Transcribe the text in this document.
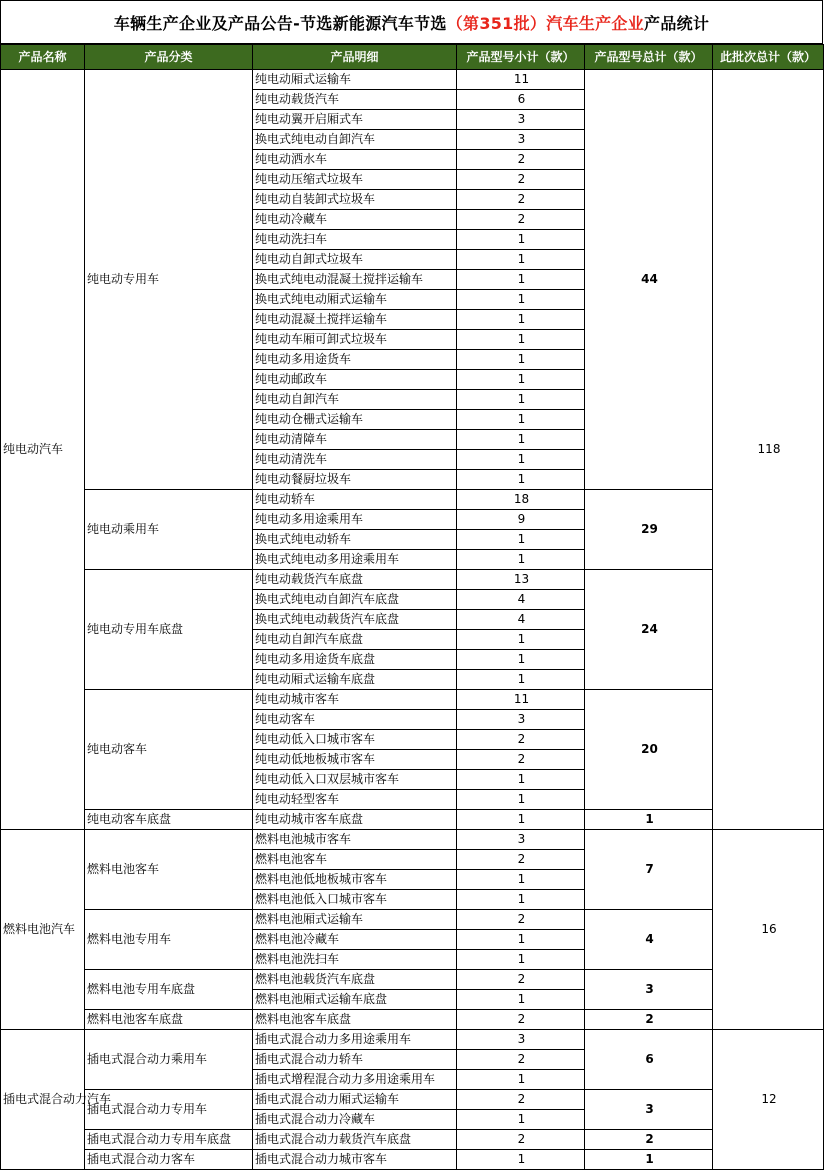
车辆生产企业及产品公告-节选新能源汽车节选 （第351批）汽车生产企业 产品统计
产品名称	产品分类	产品明细	产品型号小计（款）	产品型号总计（款）	此批次总计（款）
纯电动汽车	纯电动专用车	纯电动厢式运输车	11	44	118
		纯电动载货汽车	6		
		纯电动翼开启厢式车	3		
		换电式纯电动自卸汽车	3		
		纯电动洒水车	2		
		纯电动压缩式垃圾车	2		
		纯电动自装卸式垃圾车	2		
		纯电动冷藏车	2		
		纯电动洗扫车	1		
		纯电动自卸式垃圾车	1		
		换电式纯电动混凝土搅拌运输车	1		
		换电式纯电动厢式运输车	1		
		纯电动混凝土搅拌运输车	1		
		纯电动车厢可卸式垃圾车	1		
		纯电动多用途货车	1		
		纯电动邮政车	1		
		纯电动自卸汽车	1		
		纯电动仓栅式运输车	1		
		纯电动清障车	1		
		纯电动清洗车	1		
		纯电动餐厨垃圾车	1		
	纯电动乘用车	纯电动轿车	18	29	
		纯电动多用途乘用车	9		
		换电式纯电动轿车	1		
		换电式纯电动多用途乘用车	1		
	纯电动专用车底盘	纯电动载货汽车底盘	13	24	
		换电式纯电动自卸汽车底盘	4		
		换电式纯电动载货汽车底盘	4		
		纯电动自卸汽车底盘	1		
		纯电动多用途货车底盘	1		
		纯电动厢式运输车底盘	1		
	纯电动客车	纯电动城市客车	11	20	
		纯电动客车	3		
		纯电动低入口城市客车	2		
		纯电动低地板城市客车	2		
		纯电动低入口双层城市客车	1		
		纯电动轻型客车	1		
	纯电动客车底盘	纯电动城市客车底盘	1	1	
燃料电池汽车	燃料电池客车	燃料电池城市客车	3	7	16
		燃料电池客车	2		
		燃料电池低地板城市客车	1		
		燃料电池低入口城市客车	1		
	燃料电池专用车	燃料电池厢式运输车	2	4	
		燃料电池冷藏车	1		
		燃料电池洗扫车	1		
	燃料电池专用车底盘	燃料电池载货汽车底盘	2	3	
		燃料电池厢式运输车底盘	1		
	燃料电池客车底盘	燃料电池客车底盘	2	2	
插电式混合动力汽车	插电式混合动力乘用车	插电式混合动力多用途乘用车	3	6	12
		插电式混合动力轿车	2		
		插电式增程混合动力多用途乘用车	1		
	插电式混合动力专用车	插电式混合动力厢式运输车	2	3	
		插电式混合动力冷藏车	1		
	插电式混合动力专用车底盘	插电式混合动力载货汽车底盘	2	2	
	插电式混合动力客车	插电式混合动力城市客车	1	1	
